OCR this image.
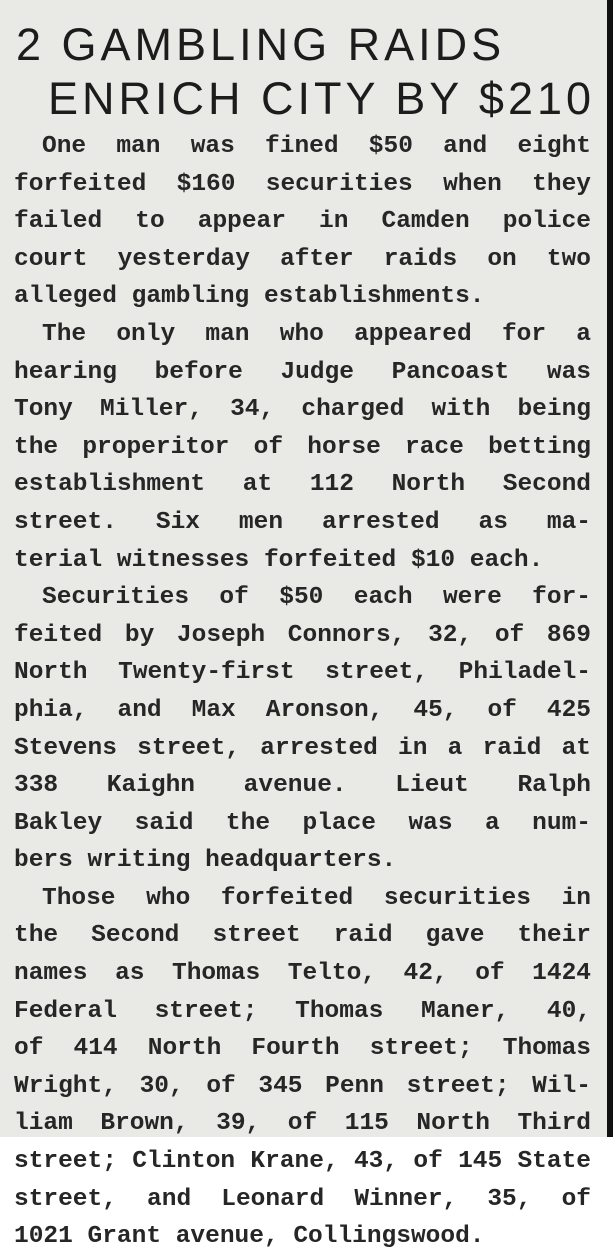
2 GAMBLING RAIDS
ENRICH CITY BY $210
One man was fined $50 and eight
forfeited $160 securities when they
failed to appear in Camden police
court yesterday after raids on two
alleged gambling establishments.
The only man who appeared for a
hearing before Judge Pancoast was
Tony Miller, 34, charged with being
the properitor of horse race betting
establishment at 112 North Second
street. Six men arrested as ma-
terial witnesses forfeited $10 each.
Securities of $50 each were for-
feited by Joseph Connors, 32, of 869
North Twenty-first street, Philadel-
phia, and Max Aronson, 45, of 425
Stevens street, arrested in a raid at
338 Kaighn avenue. Lieut Ralph
Bakley said the place was a num-
bers writing headquarters.
Those who forfeited securities in
the Second street raid gave their
names as Thomas Telto, 42, of 1424
Federal street; Thomas Maner, 40,
of 414 North Fourth street; Thomas
Wright, 30, of 345 Penn street; Wil-
liam Brown, 39, of 115 North Third
street; Clinton Krane, 43, of 145 State
street, and Leonard Winner, 35, of
1021 Grant avenue, Collingswood.
